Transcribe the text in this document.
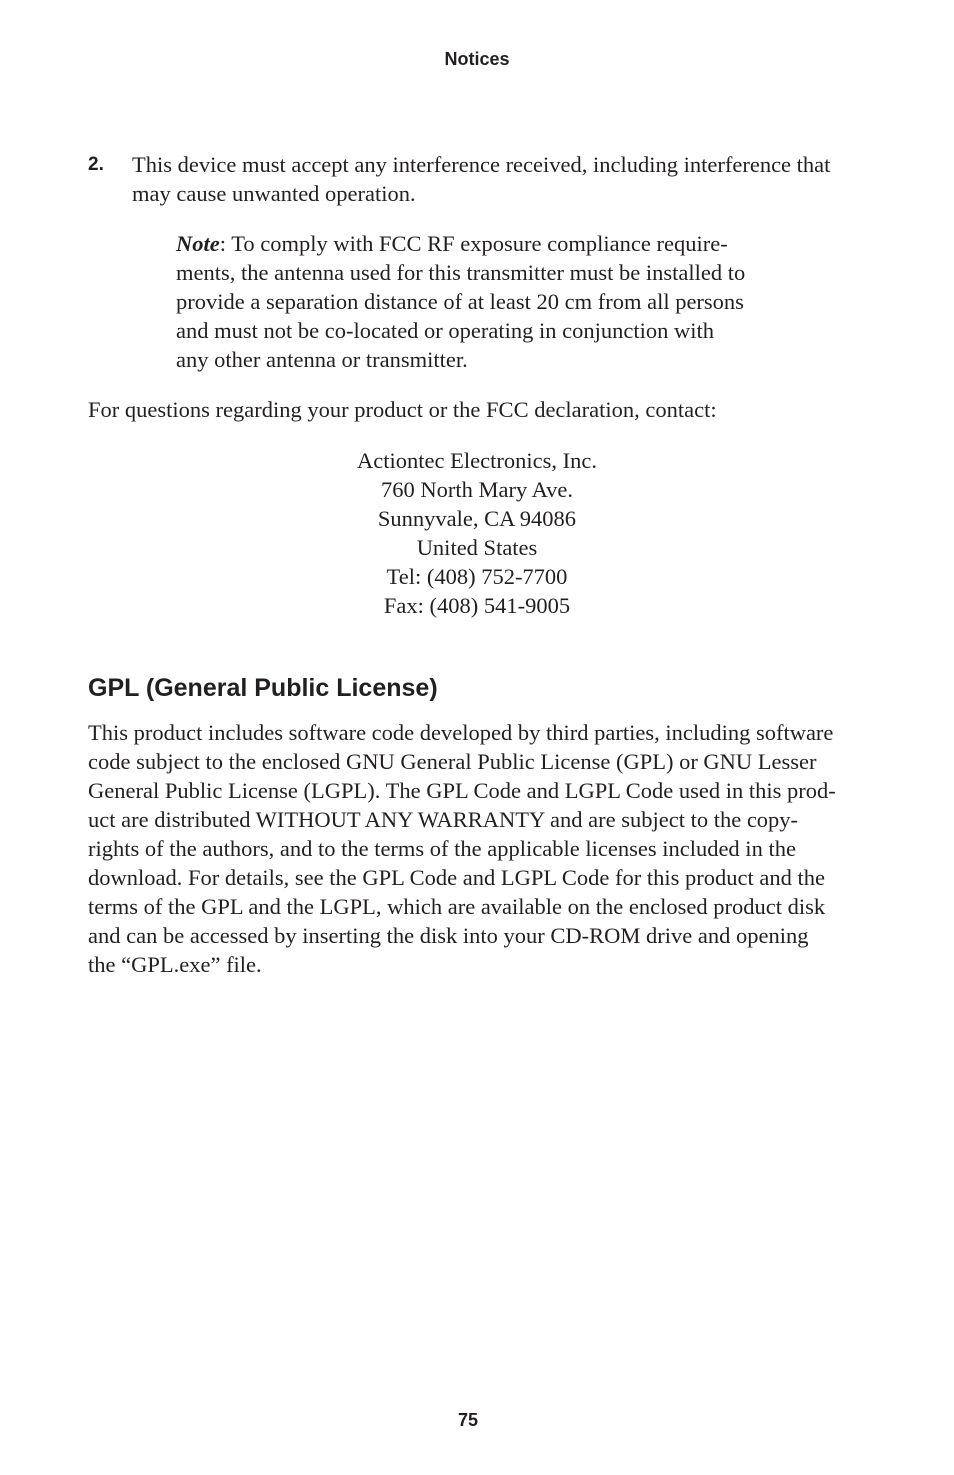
Notices
2. This device must accept any interference received, including interference that
may cause unwanted operation.
Note: To comply with FCC RF exposure compliance require-
ments, the antenna used for this transmitter must be installed to
provide a separation distance of at least 20 cm from all persons
and must not be co-located or operating in conjunction with
any other antenna or transmitter.
For questions regarding your product or the FCC declaration, contact:
Actiontec Electronics, Inc.
760 North Mary Ave.
Sunnyvale, CA 94086
United States
Tel: (408) 752-7700
Fax: (408) 541-9005
GPL (General Public License)
This product includes software code developed by third parties, including software
code subject to the enclosed GNU General Public License (GPL) or GNU Lesser
General Public License (LGPL). The GPL Code and LGPL Code used in this prod-
uct are distributed WITHOUT ANY WARRANTY and are subject to the copy-
rights of the authors, and to the terms of the applicable licenses included in the
download. For details, see the GPL Code and LGPL Code for this product and the
terms of the GPL and the LGPL, which are available on the enclosed product disk
and can be accessed by inserting the disk into your CD-ROM drive and opening
the “GPL.exe” file.
75
